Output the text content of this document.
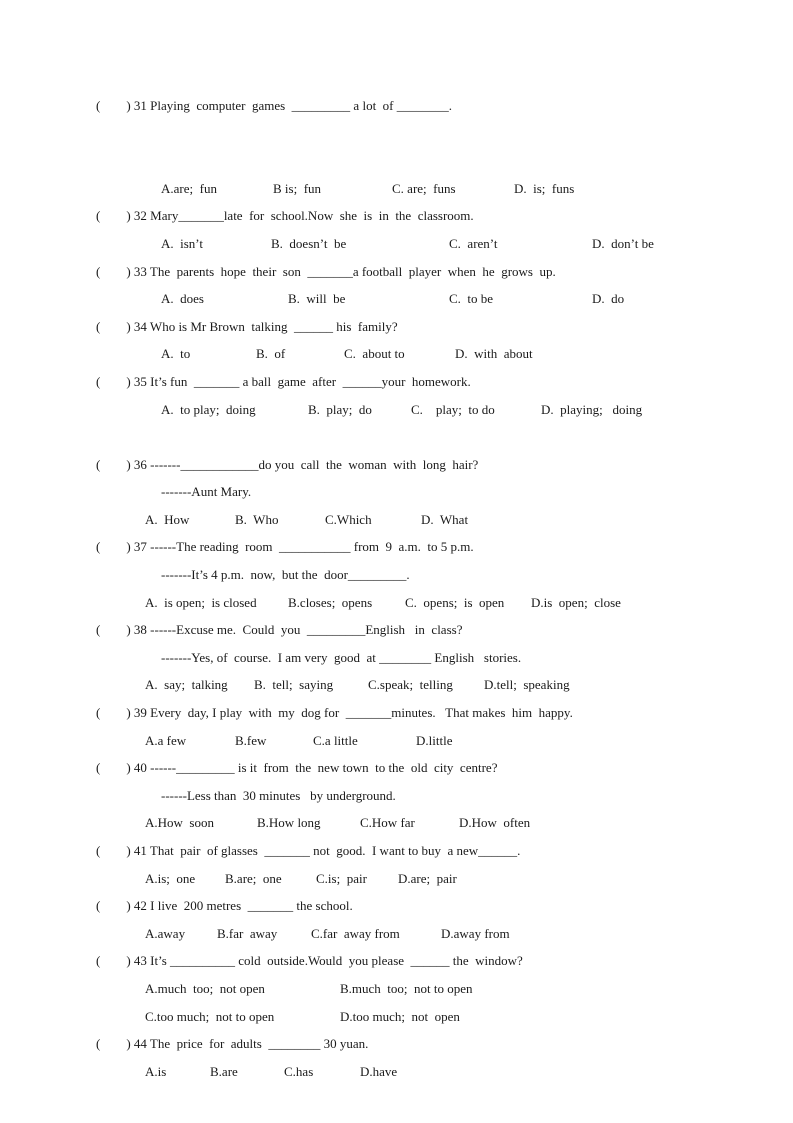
(        ) 31 Playing  computer  games  _________ a lot  of ________.
A.are;  fun	B is;  fun	C. are;  funs	D.  is;  funs
(        ) 32 Mary_______late  for  school.Now  she  is  in  the  classroom.
A.  isn’t	B.  doesn’t  be	C.  aren’t	D.  don’t be
(        ) 33 The  parents  hope  their  son  _______a football  player  when  he  grows  up.
A.  does	B.  will  be	C.  to be	D.  do
(        ) 34 Who is Mr Brown  talking  ______ his  family?
A.  to	B.  of	C.  about to	D.  with  about
(        ) 35 It’s fun  _______ a ball  game  after  ______your  homework.
A.  to play;  doing	B.  play;  do	C.    play;  to do	D.  playing;   doing
(        ) 36 -------____________do you  call  the  woman  with  long  hair?
-------Aunt Mary.
A.  How	B.  Who	C.Which	D.  What
(        ) 37 ------The reading  room  ___________ from  9  a.m.  to 5 p.m.
-------It’s 4 p.m.  now,  but the  door_________.
A.  is open;  is closed B.closes;  opens	C.  opens;  is  open D.is  open;  close
(        ) 38 ------Excuse me.  Could  you  _________English   in  class?
-------Yes, of  course.  I am very  good  at ________ English   stories.
A.  say;  talking B.  tell;  saying	C.speak;  telling D.tell;  speaking
(        ) 39 Every  day, I play  with  my  dog for  _______minutes.   That makes  him  happy.
A.a few	B.few	C.a little	D.little
(        ) 40 ------_________ is it  from  the  new town  to the  old  city  centre?
------Less than  30 minutes   by underground.
A.How  soon	B.How long	C.How far	D.How  often
(        ) 41 That  pair  of glasses  _______ not  good.  I want to buy  a new______.
A.is;  one B.are;  one	C.is;  pair D.are;  pair
(        ) 42 I live  200 metres  _______ the school.
A.away B.far  away	C.far  away from	D.away from
(        ) 43 It’s __________ cold  outside.Would  you please  ______ the  window?
A.much  too;  not open	B.much  too;  not to open
C.too much;  not to open	D.too much;  not  open
(        ) 44 The  price  for  adults  ________ 30 yuan.
A.is	B.are	C.has	D.have
